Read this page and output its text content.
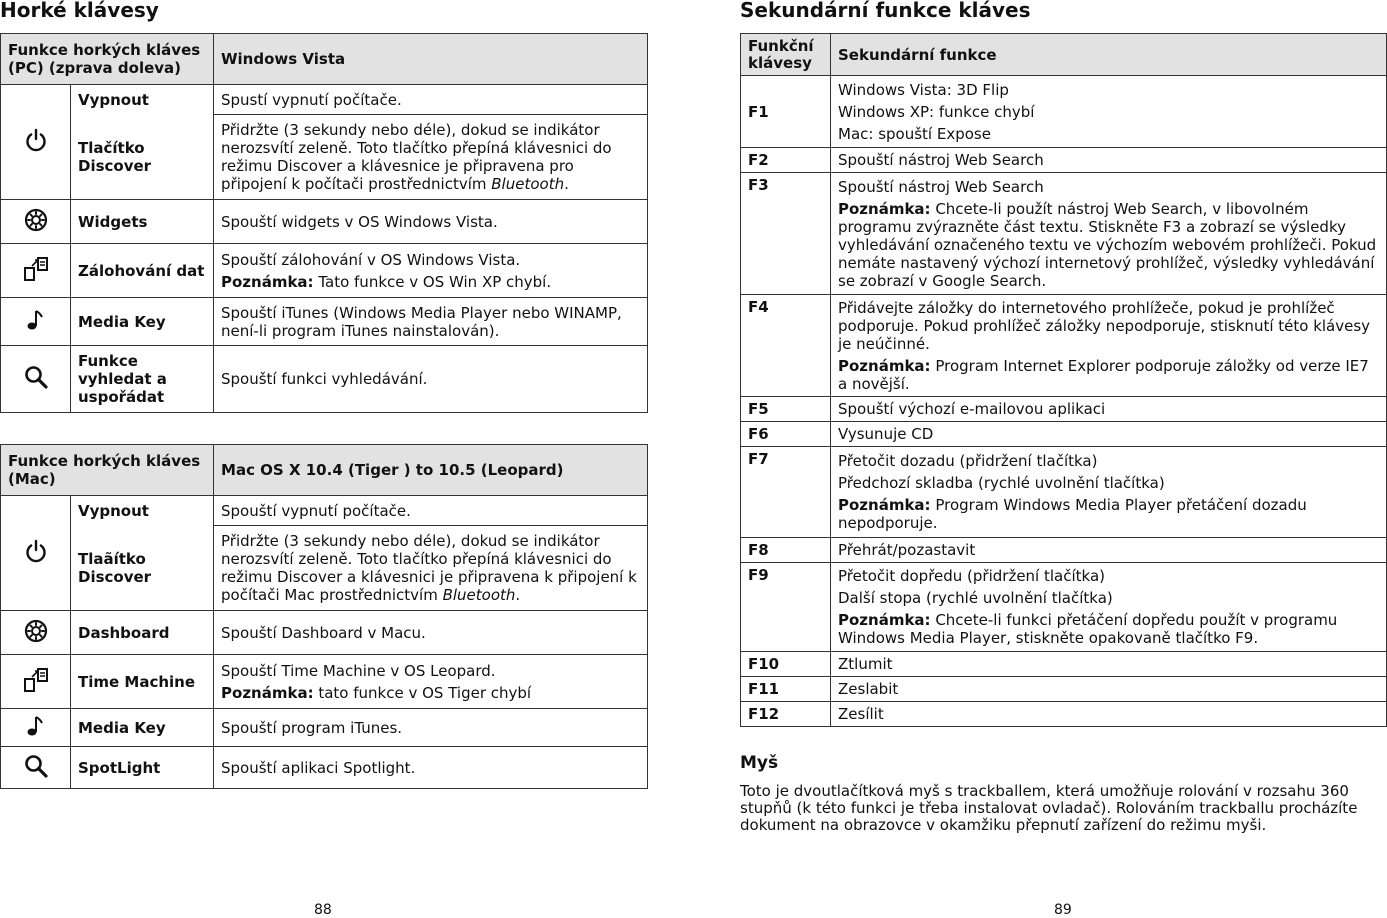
Horké klávesy
Funkce horkých kláves (PC) (zprava doleva)		Windows Vista
	Vypnout	Spustí vypnutí počítače.
	Tlačítko Discover	Přidržte (3 sekundy nebo déle), dokud se indikátor nerozsvítí zeleně. Toto tlačítko přepíná klávesnici do režimu Discover a klávesnice je připravena pro připojení k počítači prostřednictvím Bluetooth.
	Widgets	Spouští widgets v OS Windows Vista.
	Zálohování dat	Spouští zálohování v OS Windows Vista.
Poznámka: Tato funkce v OS Win XP chybí.

	Media Key	Spouští iTunes (Windows Media Player nebo WINAMP, není-li program iTunes nainstalován).
	Funkce vyhledat a uspořádat	Spouští funkci vyhledávání.
Funkce horkých kláves (Mac)		Mac OS X 10.4 (Tiger ) to 10.5 (Leopard)
	Vypnout	Spouští vypnutí počítače.
	Tlaãítko Discover	Přidržte (3 sekundy nebo déle), dokud se indikátor nerozsvítí zeleně. Toto tlačítko přepíná klávesnici do režimu Discover a klávesnici je připravena k připojení k počítači Mac prostřednictvím Bluetooth.
	Dashboard	Spouští Dashboard v Macu.
	Time Machine	Spouští Time Machine v OS Leopard.
Poznámka: tato funkce v OS Tiger chybí

	Media Key	Spouští program iTunes.
	SpotLight	Spouští aplikaci Spotlight.
88
Sekundární funkce kláves
Funkční klávesy	Sekundární funkce
F1	Windows Vista: 3D Flip
Windows XP: funkce chybí
Mac: spouští Expose

F2	Spouští nástroj Web Search
F3	Spouští nástroj Web Search
Poznámka: Chcete-li použít nástroj Web Search, v libovolném programu zvýrazněte část textu. Stiskněte F3 a zobrazí se výsledky vyhledávání označeného textu ve výchozím webovém prohlížeči. Pokud nemáte nastavený výchozí internetový prohlížeč, výsledky vyhledávání se zobrazí v Google Search.

F4	Přidávejte záložky do internetového prohlížeče, pokud je prohlížeč podporuje. Pokud prohlížeč záložky nepodporuje, stisknutí této klávesy je neúčinné.
Poznámka: Program Internet Explorer podporuje záložky od verze IE7 a novější.

F5	Spouští výchozí e-mailovou aplikaci
F6	Vysunuje CD
F7	Přetočit dozadu (přidržení tlačítka)
Předchozí skladba (rychlé uvolnění tlačítka)
Poznámka: Program Windows Media Player přetáčení dozadu nepodporuje.

F8	Přehrát/pozastavit
F9	Přetočit dopředu (přidržení tlačítka)
Další stopa (rychlé uvolnění tlačítka)
Poznámka: Chcete-li funkci přetáčení dopředu použít v programu Windows Media Player, stiskněte opakovaně tlačítko F9.

F10	Ztlumit
F11	Zeslabit
F12	Zesílit
Myš
Toto je dvoutlačítková myš s trackballem, která umožňuje rolování v rozsahu 360 stupňů (k této funkci je třeba instalovat ovladač). Rolováním trackballu procházíte dokument na obrazovce v okamžiku přepnutí zařízení do režimu myši.
89
